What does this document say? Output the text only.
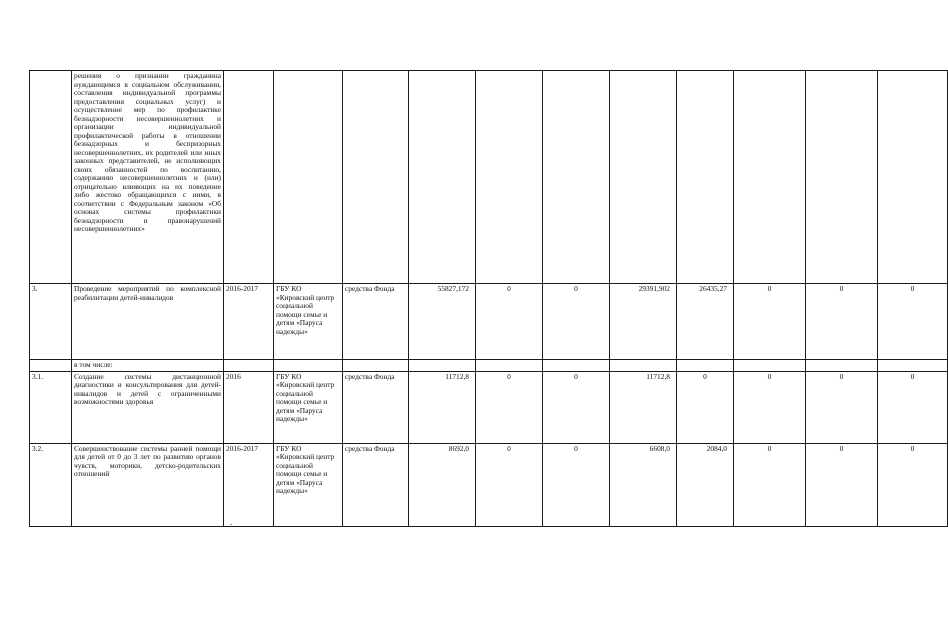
	решения о признании гражданина нуждающимся в социальном обслуживании, составления индивидуальной программы предоставления социальных услуг) и осуществление мер по профилактике безнадзорности несовершеннолетних и организации индивидуальной профилактической работы в отношении безнадзорных и беспризорных несовершеннолетних, их родителей или иных законных представителей, не исполняющих своих обязанностей по воспитанию, содержанию несовершеннолетних и (или) отрицательно влияющих на их поведение либо жестоко обращающихся с ними, в соответствии с Федеральным законом «Об основах системы профилактики безнадзорности и правонарушений несовершеннолетних»											
3.	Проведение мероприятий по комплексной реабилитации детей-инвалидов	2016-2017	ГБУ КО «Кировский центр социальной помощи семье и детям «Паруса надежды»	средства Фонда	55827,172	0	0	29391,902	26435,27	0	0	0
	в том числе:											
3.1.	Создание системы дистанционной диагностики и консультирования для детей-инвалидов и детей с ограниченными возможностями здоровья	2016	ГБУ КО «Кировский центр социальной помощи семье и детям «Паруса надежды»	средства Фонда	11712,8	0	0	11712,8	0	0	0	0
3.2.	Совершенствование системы ранней помощи для детей от 0 до 3 лет по развитию органов чувств, моторики, детско-родительских отношений	2016-2017	ГБУ КО «Кировский центр социальной помощи семье и детям «Паруса надежды»	средства Фонда	8692,0	0	0	6608,0	2084,0	0	0	0
-
